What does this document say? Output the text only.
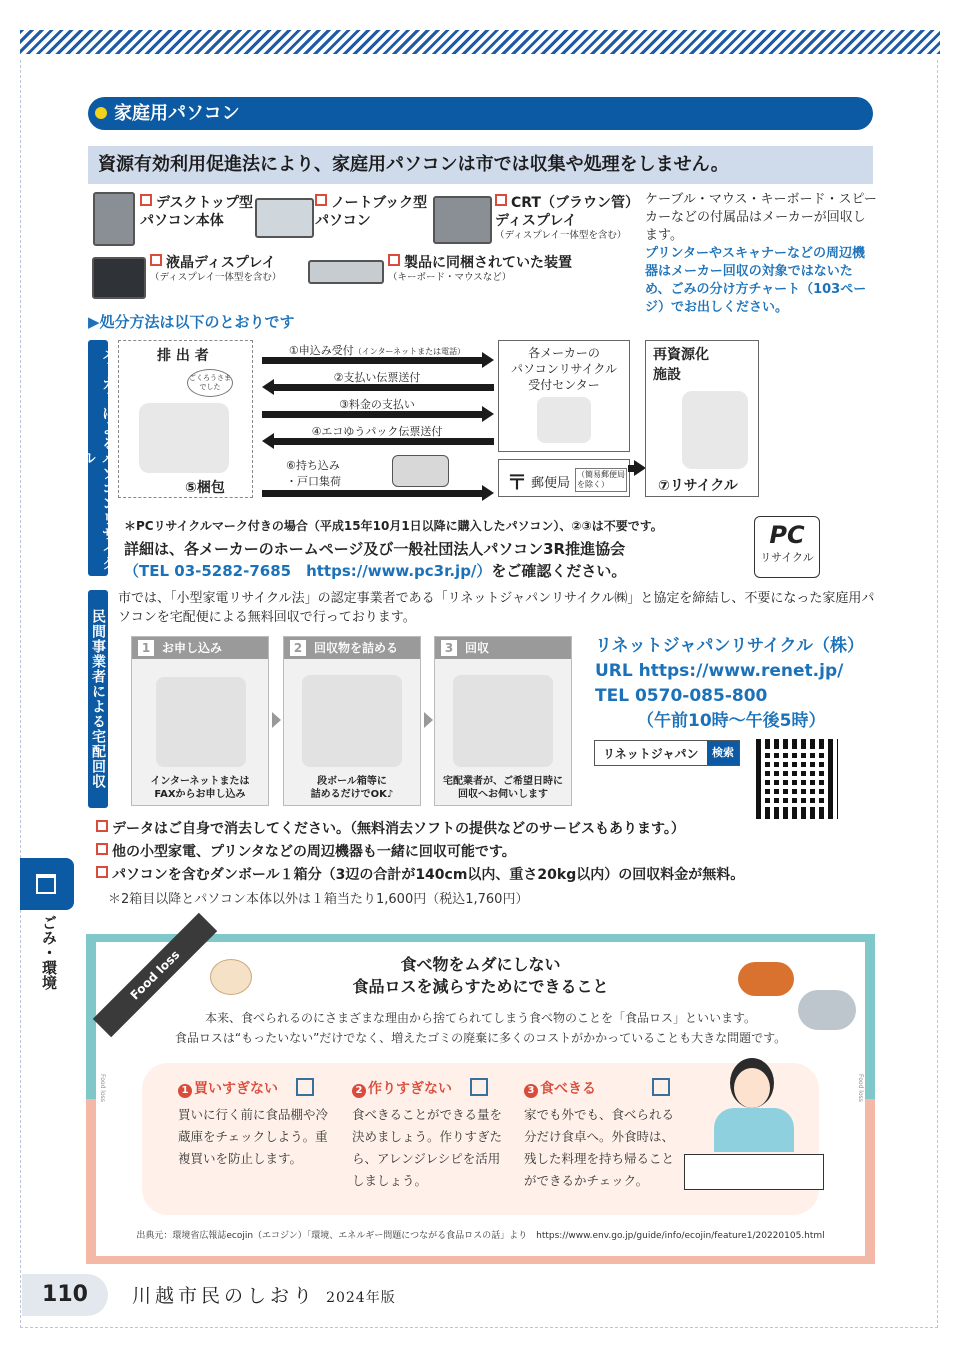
家庭用パソコン
資源有効利用促進法により、家庭用パソコンは市では収集や処理をしません。
デスクトップ型
パソコン本体
ノートブック型
パソコン
CRT（ブラウン管）
ディスプレイ
（ディスプレイ一体型を含む）
液晶ディスプレイ
（ディスプレイ一体型を含む）
製品に同梱されていた装置
（キーボード・マウスなど）
ケーブル・マウス・キーボード・スピーカーなどの付属品はメーカーが回収します。
プリンターやスキャナーなどの周辺機器はメーカー回収の対象ではないため、ごみの分け方チャート（103ページ）でお出しください。
▶処分方法は以下のとおりです
メーカーによるパソコンリサイクル
排 出 者
ごくろうさまでした
⑤梱包
①申込み受付（インターネットまたは電話）
②支払い伝票送付
③料金の支払い
④エコゆうパック伝票送付
⑥持ち込み
・戸口集荷
各メーカーの
パソコンリサイクル
受付センター
〒 郵便局
（簡易郵便局を除く）
再資源化
施設
⑦リサイクル
＊PCリサイクルマーク付きの場合（平成15年10月1日以降に購入したパソコン）、②③は不要です。
詳細は、各メーカーのホームページ及び一般社団法人パソコン3R推進協会
（TEL 03-5282-7685　https://www.pc3r.jp/）をご確認ください。
PC
リサイクル
民間事業者による宅配回収
市では、「小型家電リサイクル法」の認定事業者である「リネットジャパンリサイクル㈱」と協定を締結し、不要になった家庭用パソコンを宅配便による無料回収で行っております。
1 お申し込み
インターネットまたは
FAXからお申し込み
2 回収物を詰める
段ボール箱等に
詰めるだけでOK♪
3 回収
宅配業者が、ご希望日時に
回収へお伺いします
リネットジャパンリサイクル（株）
URL https://www.renet.jp/
TEL 0570-085-800
（午前10時～午後5時）
リネットジャパン	検索
データはご自身で消去してください。（無料消去ソフトの提供などのサービスもあります。）
他の小型家電、プリンタなどの周辺機器も一緒に回収可能です。
パソコンを含むダンボール１箱分（3辺の合計が140cm以内、重さ20kg以内）の回収料金が無料。
＊2箱目以降とパソコン本体以外は１箱当たり1,600円（税込1,760円）
ごみ・環境	Food loss	食べ物をムダにしない
食品ロスを減らすためにできること
本来、食べられるのにさまざまな理由から捨てられてしまう食べ物のことを「食品ロス」といいます。
食品ロスは“もったいない”だけでなく、増えたゴミの廃棄に多くのコストがかかっていることも大きな問題です。
Food loss	Food loss
出典元：環境省広報誌ecojin（エコジン）「環境、エネルギー問題につながる食品ロスの話」より　https://www.env.go.jp/guide/info/ecojin/feature1/20220105.html
1 買いすぎない
買いに行く前に食品棚や冷蔵庫をチェックしよう。重複買いを防止します。
2 作りすぎない
食べきることができる量を決めましょう。作りすぎたら、アレンジレシピを活用しましょう。
3 食べきる
家でも外でも、食べられる分だけ食卓へ。外食時は、残した料理を持ち帰ることができるかチェック。
110	川越市民のしおり 2024年版
